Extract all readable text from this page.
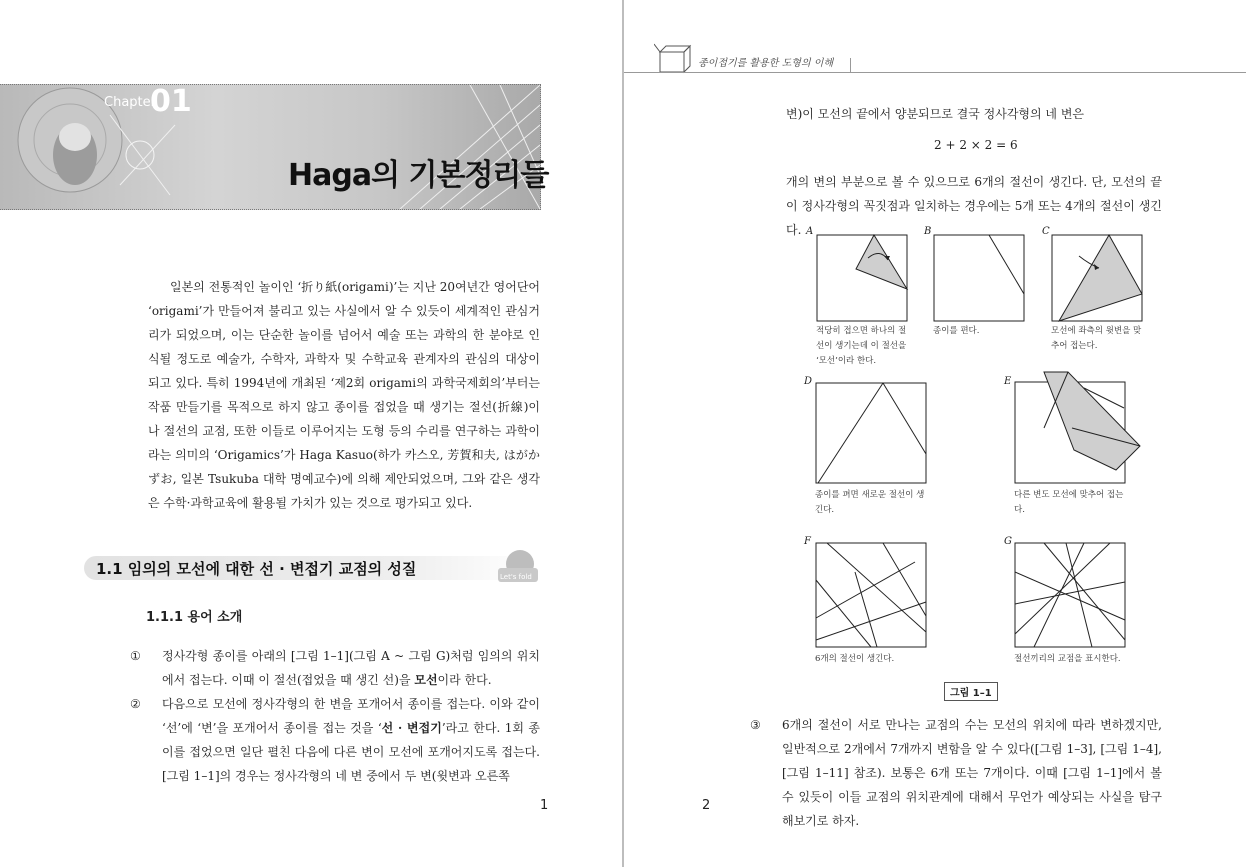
Chapter
01
Haga의 기본정리들

일본의 전통적인 놀이인 ‘折り紙(origami)’는 지난 20여년간 영어단어 ‘origami’가 만들어져 불리고 있는 사실에서 알 수 있듯이 세계적인 관심거리가 되었으며, 이는 단순한 놀이를 넘어서 예술 또는 과학의 한 분야로 인식될 정도로 예술가, 수학자, 과학자 및 수학교육 관계자의 관심의 대상이 되고 있다. 특히 1994년에 개최된 ‘제2회 origami의 과학국제회의’부터는 작품 만들기를 목적으로 하지 않고 종이를 접었을 때 생기는 절선(折線)이나 절선의 교점, 또한 이들로 이루어지는 도형 등의 수리를 연구하는 과학이라는 의미의 ‘Origamics’가 Haga Kasuo(하가 카스오, 芳賀和夫, はがかずお, 일본 Tsukuba 대학 명예교수)에 의해 제안되었으며, 그와 같은 생각은 수학·과학교육에 활용될 가치가 있는 것으로 평가되고 있다.

1.1 임의의 모선에 대한 선 · 변접기 교점의 성질	Let's fold
1.1.1 용어 소개
① 정사각형 종이를 아래의 [그림 1–1](그림 A ~ 그림 G)처럼 임의의 위치에서 접는다. 이때 이 절선(접었을 때 생긴 선)을 모선이라 한다.
② 다음으로 모선에 정사각형의 한 변을 포개어서 종이를 접는다. 이와 같이 ‘선’에 ‘변’을 포개어서 종이를 접는 것을 ‘선 · 변접기’라고 한다. 1회 종이를 접었으면 일단 펼친 다음에 다른 변이 모선에 포개어지도록 접는다. [그림 1–1]의 경우는 정사각형의 네 변 중에서 두 변(윗변과 오른쪽
1
종이접기를 활용한 도형의 이해

변)이 모선의 끝에서 양분되므로 결국 정사각형의 네 변은

2 + 2 × 2 = 6

개의 변의 부분으로 볼 수 있으므로 6개의 절선이 생긴다. 단, 모선의 끝이 정사각형의 꼭짓점과 일치하는 경우에는 5개 또는 4개의 절선이 생긴다. A
적당히 접으면 하나의 절선이 생기는데 이 절선을 ‘모선’이라 한다.
B
종이를 편다.
C
모선에 좌측의 윗변을 맞추어 접는다.
D
종이를 펴면 새로운 절선이 생긴다.
E
다른 변도 모선에 맞추어 접는다.
F
6개의 절선이 생긴다.
G
절선끼리의 교점을 표시한다.
그림 1–1
③ 6개의 절선이 서로 만나는 교점의 수는 모선의 위치에 따라 변하겠지만, 일반적으로 2개에서 7개까지 변함을 알 수 있다([그림 1–3], [그림 1–4], [그림 1–11] 참조). 보통은 6개 또는 7개이다. 이때 [그림 1–1]에서 볼 수 있듯이 이들 교점의 위치관계에 대해서 무언가 예상되는 사실을 탐구해보기로 하자.
2
